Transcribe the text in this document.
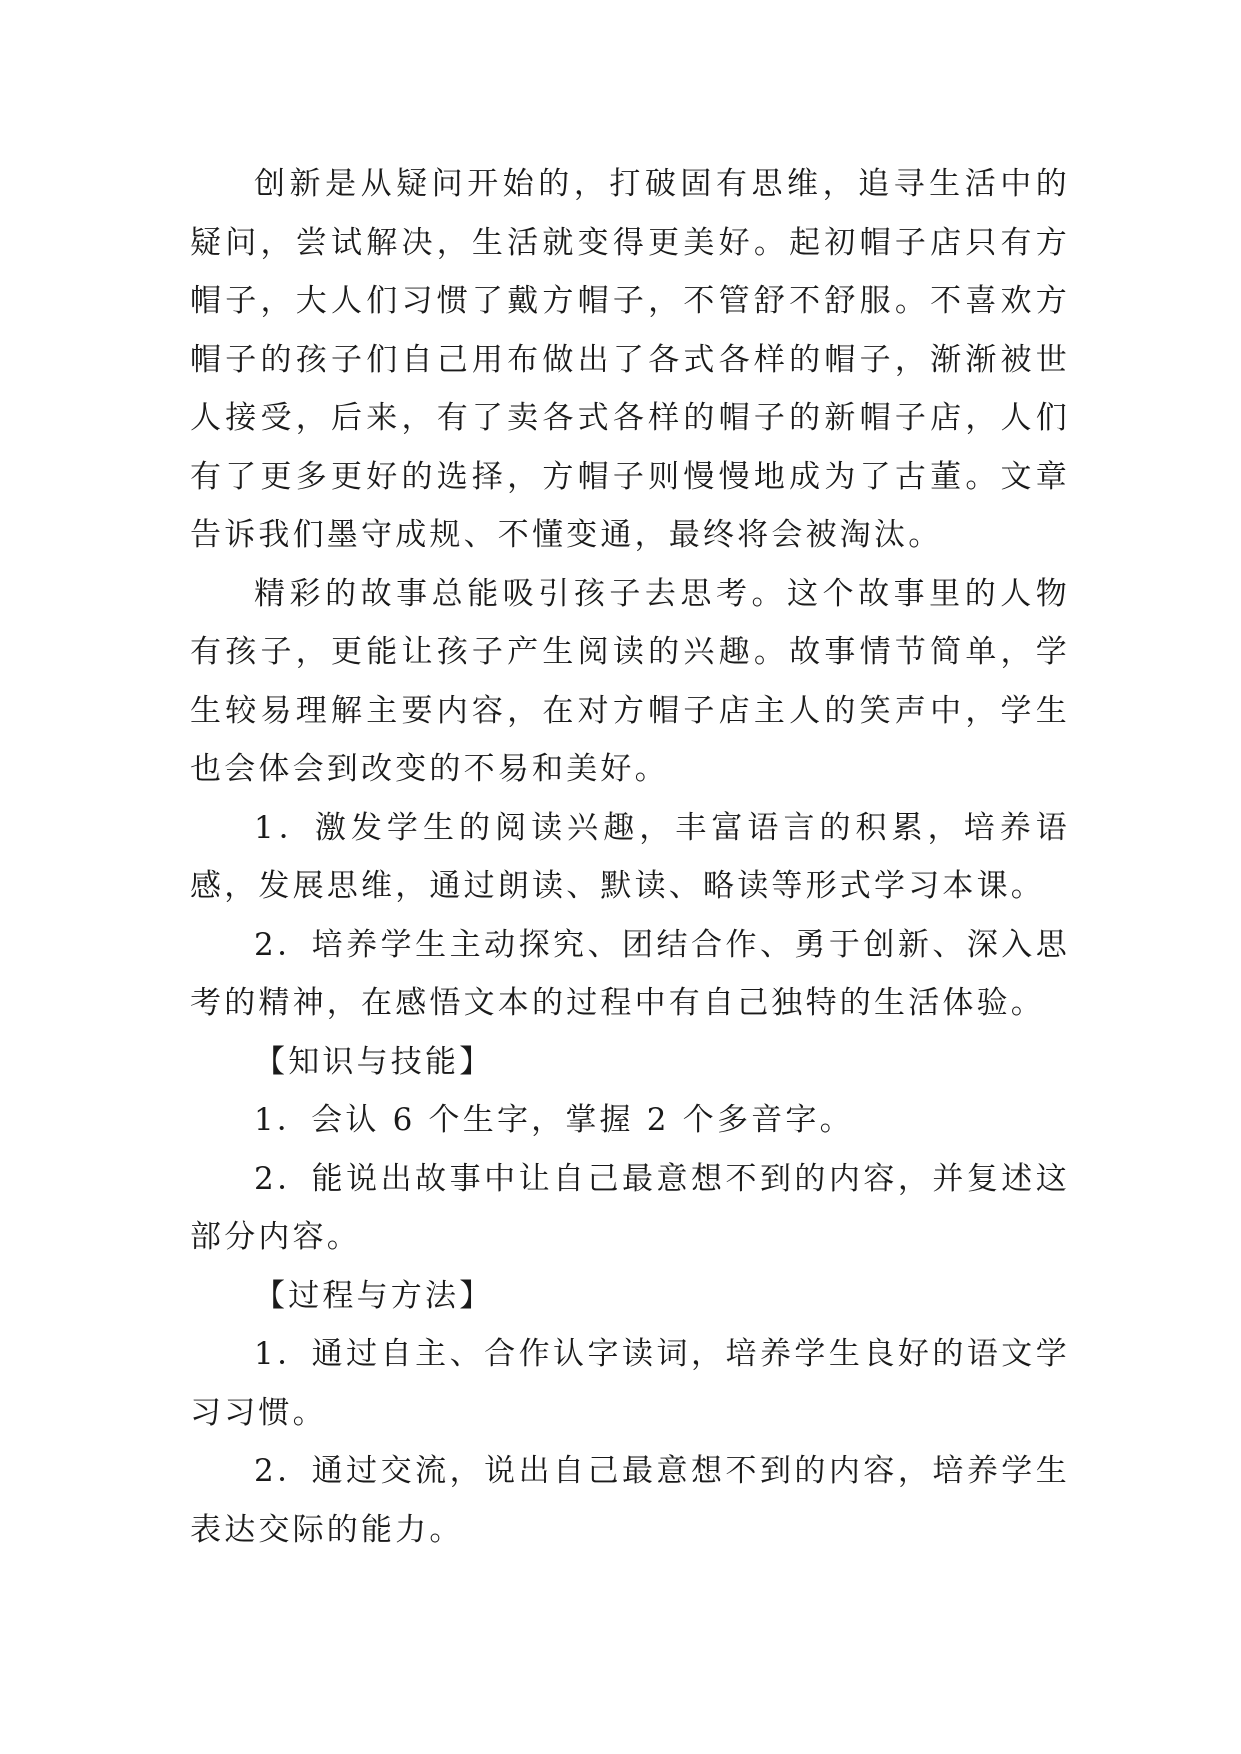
创新是从疑问开始的，打破固有思维，追寻生活中的疑问，尝试解决，生活就变得更美好。起初帽子店只有方帽子，大人们习惯了戴方帽子，不管舒不舒服。不喜欢方帽子的孩子们自己用布做出了各式各样的帽子，渐渐被世人接受，后来，有了卖各式各样的帽子的新帽子店，人们有了更多更好的选择，方帽子则慢慢地成为了古董。文章告诉我们墨守成规、不懂变通，最终将会被淘汰。

精彩的故事总能吸引孩子去思考。这个故事里的人物有孩子，更能让孩子产生阅读的兴趣。故事情节简单，学生较易理解主要内容，在对方帽子店主人的笑声中，学生也会体会到改变的不易和美好。

1．激发学生的阅读兴趣，丰富语言的积累，培养语感，发展思维，通过朗读、默读、略读等形式学习本课。

2．培养学生主动探究、团结合作、勇于创新、深入思考的精神，在感悟文本的过程中有自己独特的生活体验。

【知识与技能】

1．会认 6 个生字，掌握 2 个多音字。

2．能说出故事中让自己最意想不到的内容，并复述这部分内容。

【过程与方法】

1．通过自主、合作认字读词，培养学生良好的语文学习习惯。

2．通过交流，说出自己最意想不到的内容，培养学生表达交际的能力。
